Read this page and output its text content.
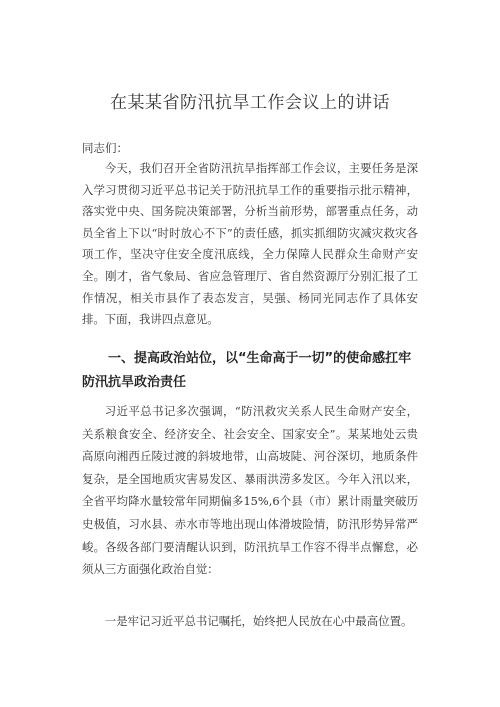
在某某省防汛抗旱工作会议上的讲话
同志们：
今天，我们召开全省防汛抗旱指挥部工作会议，主要任务是深入学习贯彻习近平总书记关于防汛抗旱工作的重要指示批示精神，落实党中央、国务院决策部署，分析当前形势，部署重点任务，动员全省上下以“时时放心不下”的责任感，抓实抓细防灾减灾救灾各项工作，坚决守住安全度汛底线，全力保障人民群众生命财产安全。刚才，省气象局、省应急管理厅、省自然资源厅分别汇报了工作情况，相关市县作了表态发言，吴强、杨同光同志作了具体安排。下面，我讲四点意见。
一、提高政治站位，以“生命高于一切”的使命感扛牢防汛抗旱政治责任
习近平总书记多次强调，“防汛救灾关系人民生命财产安全，关系粮食安全、经济安全、社会安全、国家安全”。某某地处云贵高原向湘西丘陵过渡的斜坡地带，山高坡陡、河谷深切，地质条件复杂，是全国地质灾害易发区、暴雨洪涝多发区。今年入汛以来，全省平均降水量较常年同期偏多15%,6个县（市）累计雨量突破历史极值，习水县、赤水市等地出现山体滑坡险情，防汛形势异常严峻。各级各部门要清醒认识到，防汛抗旱工作容不得半点懈怠，必须从三方面强化政治自觉：
一是牢记习近平总书记嘱托，始终把人民放在心中最高位置。
